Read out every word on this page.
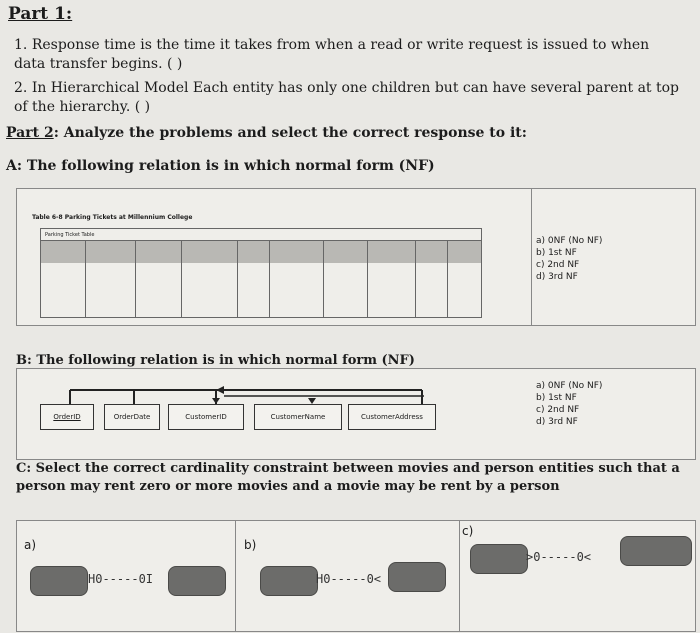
Part 1:
1. Response time is the time it takes from when a read or write request is issued to when data transfer begins. ( )
2. In Hierarchical Model Each entity has only one children but can have several parent at top of the hierarchy. ( )
Part 2: Analyze the problems and select the correct response to it:
A: The following relation is in which normal form (NF)
Table 6-8 Parking Tickets at Millennium College
Parking Ticket Table
a) 0NF (No NF)
b) 1st NF
c) 2nd NF
d) 3rd NF
B: The following relation is in which normal form (NF)
OrderID	OrderDate	CustomerID	CustomerName	CustomerAddress
a) 0NF (No NF)
b) 1st NF
c) 2nd NF
d) 3rd NF
C: Select the correct cardinality constraint between movies and person entities such that a person may rent zero or more movies and a movie may be rent by a person
a)	b)
c)
H0-----0I	H0-----0<
>0-----0<
